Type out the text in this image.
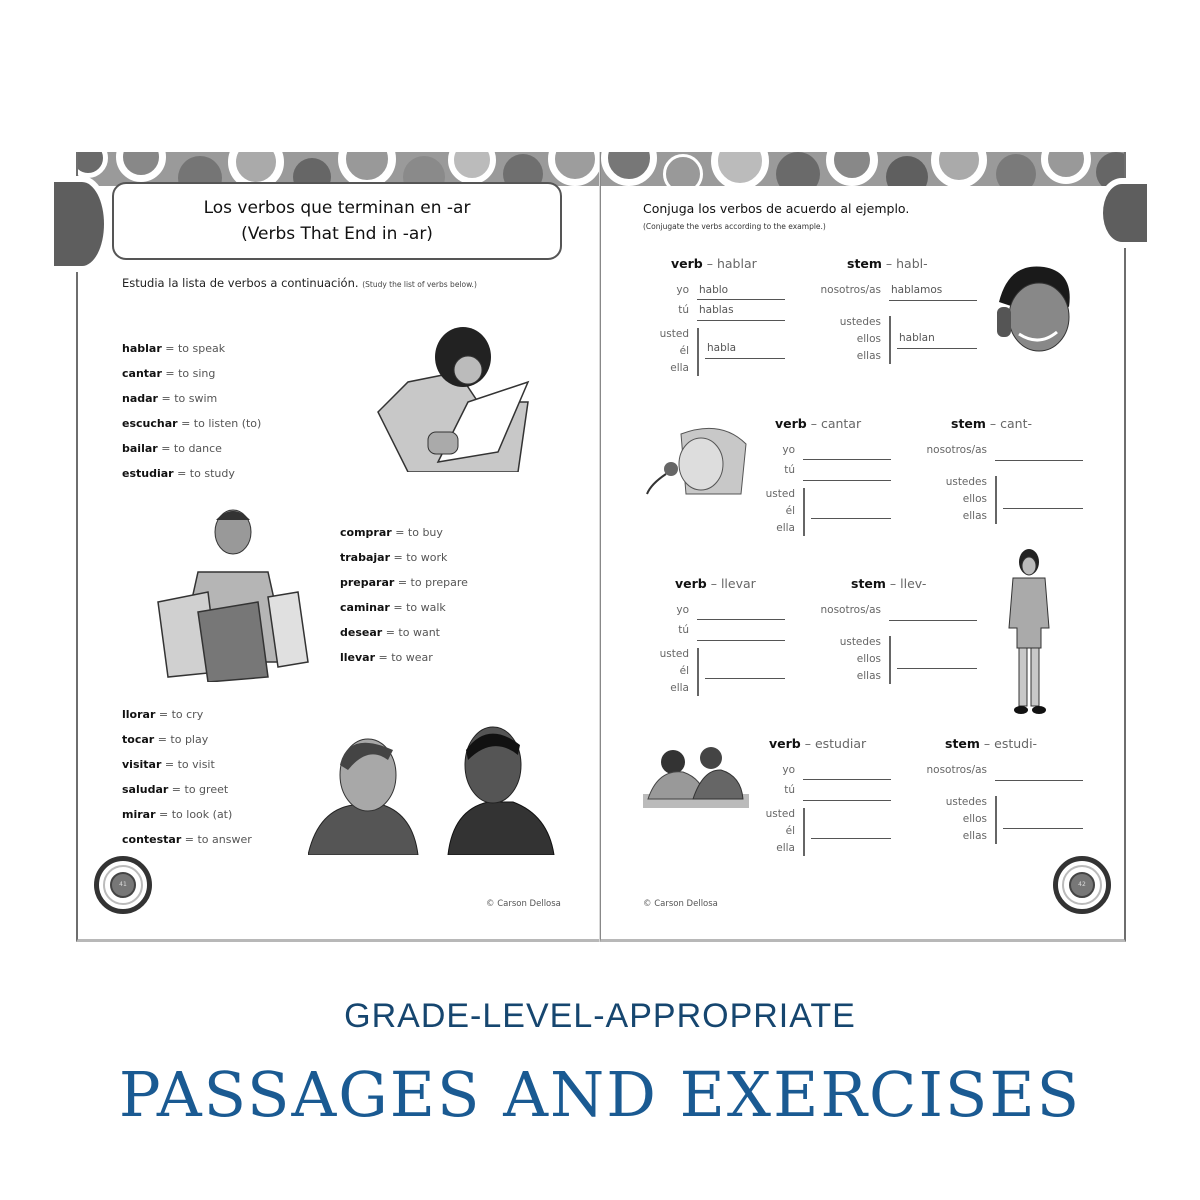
Los verbos que terminan en -ar
(Verbs That End in -ar)
Estudia la lista de verbos a continuación. (Study the list of verbs below.)
hablar = to speak
cantar = to sing
nadar = to swim
escuchar = to listen (to)
bailar = to dance
estudiar = to study
comprar = to buy
trabajar = to work
preparar = to prepare
caminar = to walk
desear = to want
llevar = to wear
llorar = to cry
tocar = to play
visitar = to visit
saludar = to greet
mirar = to look (at)
contestar = to answer
41
© Carson Dellosa
Conjuga los verbos de acuerdo al ejemplo.
(Conjugate the verbs according to the example.)
verb – hablar	stem – habl-
yo hablo
tú hablas
usted
él
ella
habla
nosotros/as hablamos
ustedes
ellos
ellas
hablan
verb – cantar	stem – cant-
yo
tú
usted
él
ella
nosotros/as
ustedes
ellos
ellas
verb – llevar	stem – llev-
yo
tú
usted
él
ella
nosotros/as
ustedes
ellos
ellas
verb – estudiar	stem – estudi-
yo
tú
usted
él
ella
nosotros/as
ustedes
ellos
ellas
© Carson Dellosa
42
GRADE-LEVEL-APPROPRIATE
PASSAGES AND EXERCISES
